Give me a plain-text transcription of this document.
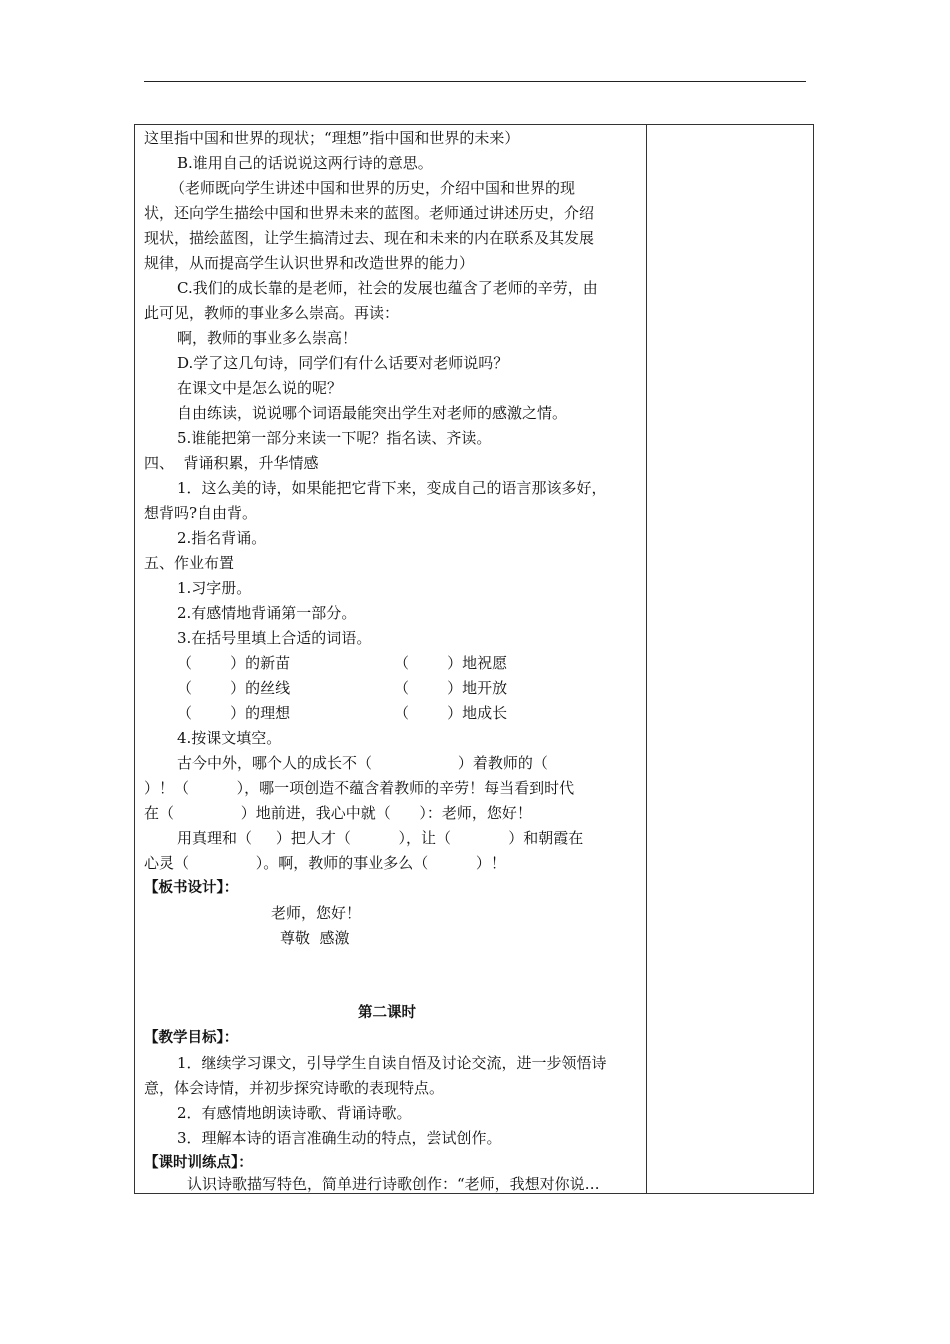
这里指中国和世界的现状；“理想”指中国和世界的未来）
B.谁用自己的话说说这两行诗的意思。
（老师既向学生讲述中国和世界的历史，介绍中国和世界的现
状，还向学生描绘中国和世界未来的蓝图。老师通过讲述历史，介绍
现状，描绘蓝图，让学生搞清过去、现在和未来的内在联系及其发展
规律，从而提高学生认识世界和改造世界的能力）
C.我们的成长靠的是老师，社会的发展也蕴含了老师的辛劳，由
此可见，教师的事业多么崇高。再读：
啊，教师的事业多么崇高！
D.学了这几句诗，同学们有什么话要对老师说吗？
在课文中是怎么说的呢？
自由练读，说说哪个词语最能突出学生对老师的感激之情。
5.谁能把第一部分来读一下呢？指名读、齐读。
四、  背诵积累，升华情感
1．这么美的诗，如果能把它背下来，变成自己的语言那该多好，
想背吗?自由背。
2.指名背诵。
五、作业布置
1.习字册。
2.有感情地背诵第一部分。
3.在括号里填上合适的词语。
（        ）的新苗	（        ）地祝愿
（        ）的丝线	（        ）地开放
（        ）的理想	（        ）地成长
4.按课文填空。
古今中外，哪个人的成长不（                  ）着教师的（
）！（          ），哪一项创造不蕴含着教师的辛劳！每当看到时代
在（              ）地前进，我心中就（      ）：老师，您好！
用真理和（     ）把人才（          ），让（            ）和朝霞在
心灵（              ）。啊，教师的事业多么（          ）！
【板书设计】：
老师，您好！
尊敬  感激
第二课时
【教学目标】：
1．继续学习课文，引导学生自读自悟及讨论交流，进一步领悟诗
意，体会诗情，并初步探究诗歌的表现特点。
2．有感情地朗读诗歌、背诵诗歌。
3．理解本诗的语言准确生动的特点，尝试创作。
【课时训练点】：
认识诗歌描写特色，简单进行诗歌创作：“老师，我想对你说…
